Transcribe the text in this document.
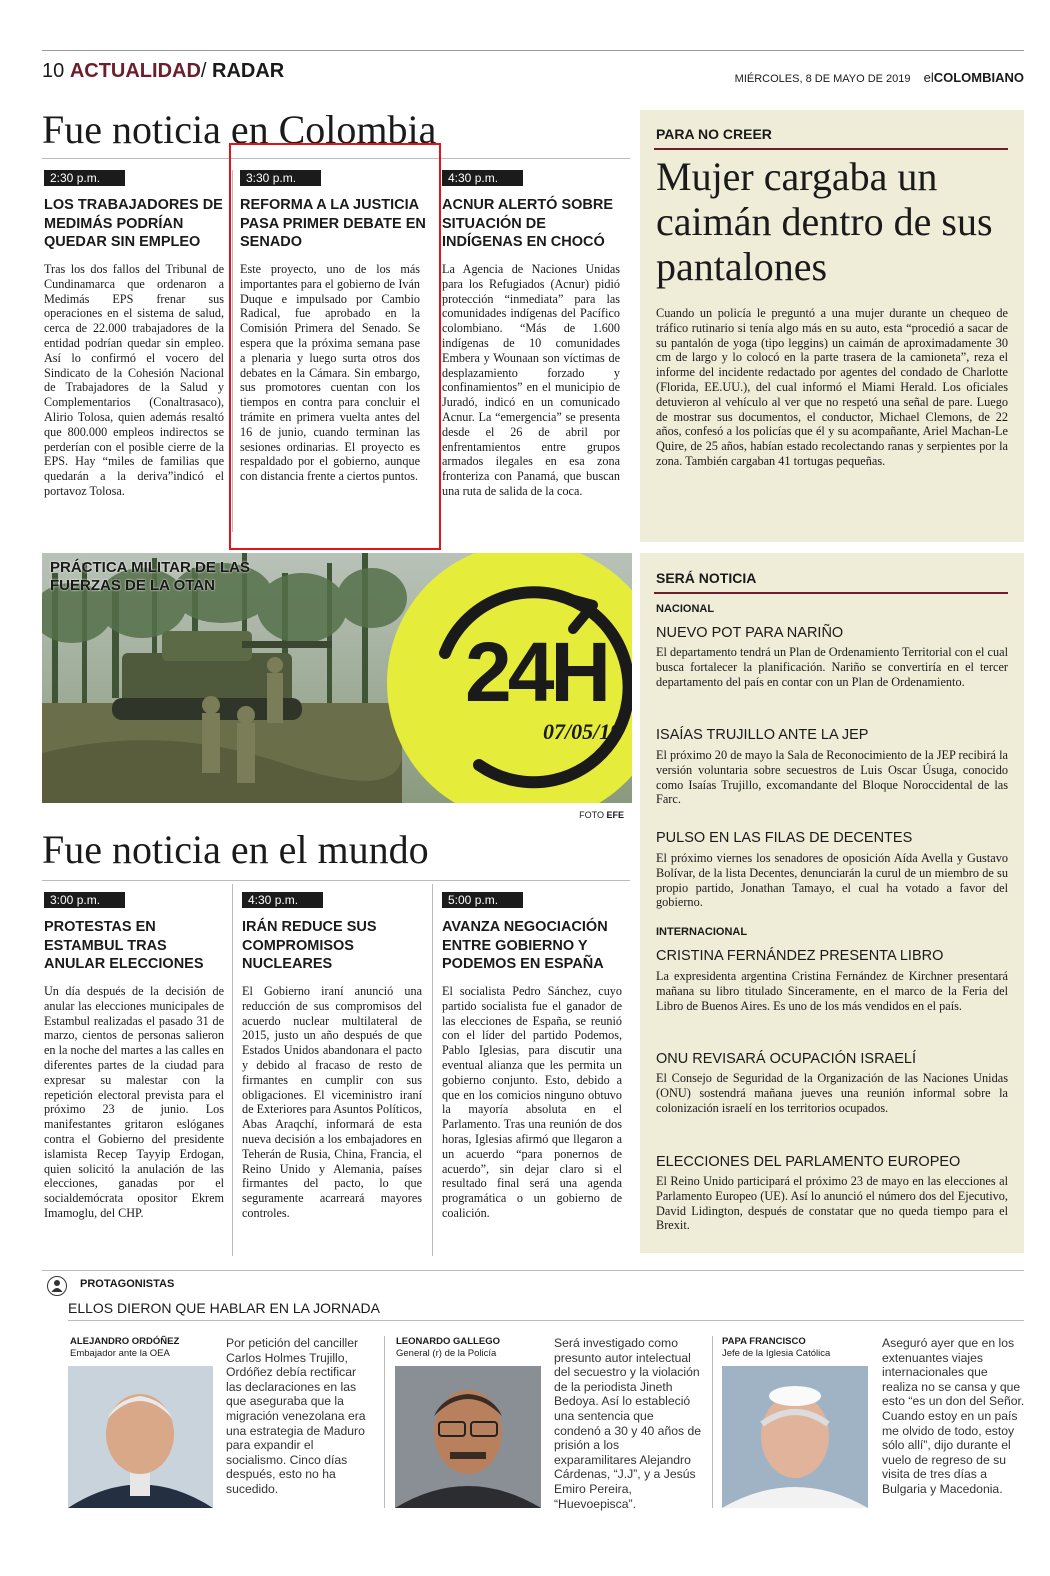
10 ACTUALIDAD/ RADAR	MIÉRCOLES, 8 DE MAYO DE 2019 elCOLOMBIANO
Fue noticia en Colombia
2:30 p.m.
LOS TRABAJADORES DE MEDIMÁS PODRÍAN QUEDAR SIN EMPLEO
Tras los dos fallos del Tribunal de Cundinamarca que ordenaron a Medimás EPS frenar sus operaciones en el sistema de salud, cerca de 22.000 trabajadores de la entidad podrían quedar sin empleo. Así lo confirmó el vocero del Sindicato de la Cohesión Nacional de Trabajadores de la Salud y Complementarios (Conaltrasaco), Alirio Tolosa, quien además resaltó que 800.000 empleos indirectos se perderían con el posible cierre de la EPS. Hay “miles de familias que quedarán a la deriva”indicó el portavoz Tolosa.
3:30 p.m.
REFORMA A LA JUSTICIA PASA PRIMER DEBATE EN SENADO
Este proyecto, uno de los más importantes para el gobierno de Iván Duque e impulsado por Cambio Radical, fue aprobado en la Comisión Primera del Senado. Se espera que la próxima semana pase a plenaria y luego surta otros dos debates en la Cámara. Sin embargo, sus promotores cuentan con los tiempos en contra para concluir el trámite en primera vuelta antes del 16 de junio, cuando terminan las sesiones ordinarias. El proyecto es respaldado por el gobierno, aunque con distancia frente a ciertos puntos.
4:30 p.m.
ACNUR ALERTÓ SOBRE SITUACIÓN DE INDÍGENAS EN CHOCÓ
La Agencia de Naciones Unidas para los Refugiados (Acnur) pidió protección “inmediata” para las comunidades indígenas del Pacífico colombiano. “Más de 1.600 indígenas de 10 comunidades Embera y Wounaan son víctimas de desplazamiento forzado y confinamientos” en el municipio de Juradó, indicó en un comunicado Acnur. La “emergencia” se presenta desde el 26 de abril por enfrentamientos entre grupos armados ilegales en esa zona fronteriza con Panamá, que buscan una ruta de salida de la coca.
PARA NO CREER
Mujer cargaba un caimán dentro de sus pantalones
Cuando un policía le preguntó a una mujer durante un chequeo de tráfico rutinario si tenía algo más en su auto, esta “procedió a sacar de su pantalón de yoga (tipo leggins) un caimán de aproximadamente 30 cm de largo y lo colocó en la parte trasera de la camioneta”, reza el informe del incidente redactado por agentes del condado de Charlotte (Florida, EE.UU.), del cual informó el Miami Herald. Los oficiales detuvieron al vehículo al ver que no respetó una señal de pare. Luego de mostrar sus documentos, el conductor, Michael Clemons, de 22 años, confesó a los policías que él y su acompañante, Ariel Machan-Le Quire, de 25 años, habían estado recolectando ranas y serpientes por la zona. También cargaban 41 tortugas pequeñas.
PRÁCTICA MILITAR DE LAS FUERZAS DE LA OTAN
24H
07/05/19
FOTO EFE
SERÁ NOTICIA
NACIONAL
NUEVO POT PARA NARIÑO
El departamento tendrá un Plan de Ordenamiento Territorial con el cual busca fortalecer la planificación. Nariño se convertiría en el tercer departamento del país en contar con un Plan de Ordenamiento.
ISAÍAS TRUJILLO ANTE LA JEP
El próximo 20 de mayo la Sala de Reconocimiento de la JEP recibirá la versión voluntaria sobre secuestros de Luis Oscar Úsuga, conocido como Isaías Trujillo, excomandante del Bloque Noroccidental de las Farc.
PULSO EN LAS FILAS DE DECENTES
El próximo viernes los senadores de oposición Aída Avella y Gustavo Bolívar, de la lista Decentes, denunciarán la curul de un miembro de su propio partido, Jonathan Tamayo, el cual ha votado a favor del gobierno.
INTERNACIONAL
CRISTINA FERNÁNDEZ PRESENTA LIBRO
La expresidenta argentina Cristina Fernández de Kirchner presentará mañana su libro titulado Sinceramente, en el marco de la Feria del Libro de Buenos Aires. Es uno de los más vendidos en el país.
ONU REVISARÁ OCUPACIÓN ISRAELÍ
El Consejo de Seguridad de la Organización de las Naciones Unidas (ONU) sostendrá mañana jueves una reunión informal sobre la colonización israelí en los territorios ocupados.
ELECCIONES DEL PARLAMENTO EUROPEO
El Reino Unido participará el próximo 23 de mayo en las elecciones al Parlamento Europeo (UE). Así lo anunció el número dos del Ejecutivo, David Lidington, después de constatar que no queda tiempo para el Brexit.
Fue noticia en el mundo
3:00 p.m.
PROTESTAS EN ESTAMBUL TRAS ANULAR ELECCIONES
Un día después de la decisión de anular las elecciones municipales de Estambul realizadas el pasado 31 de marzo, cientos de personas salieron en la noche del martes a las calles en diferentes partes de la ciudad para expresar su malestar con la repetición electoral prevista para el próximo 23 de junio. Los manifestantes gritaron eslóganes contra el Gobierno del presidente islamista Recep Tayyip Erdogan, quien solicitó la anulación de las elecciones, ganadas por el socialdemócrata opositor Ekrem Imamoglu, del CHP.
4:30 p.m.
IRÁN REDUCE SUS COMPROMISOS NUCLEARES
El Gobierno iraní anunció una reducción de sus compromisos del acuerdo nuclear multilateral de 2015, justo un año después de que Estados Unidos abandonara el pacto y debido al fracaso de resto de firmantes en cumplir con sus obligaciones. El viceministro iraní de Exteriores para Asuntos Políticos, Abas Araqchí, informará de esta nueva decisión a los embajadores en Teherán de Rusia, China, Francia, el Reino Unido y Alemania, países firmantes del pacto, lo que seguramente acarreará mayores controles.
5:00 p.m.
AVANZA NEGOCIACIÓN ENTRE GOBIERNO Y PODEMOS EN ESPAÑA
El socialista Pedro Sánchez, cuyo partido socialista fue el ganador de las elecciones de España, se reunió con el líder del partido Podemos, Pablo Iglesias, para discutir una eventual alianza que les permita un gobierno conjunto. Esto, debido a que en los comicios ninguno obtuvo la mayoría absoluta en el Parlamento. Tras una reunión de dos horas, Iglesias afirmó que llegaron a un acuerdo “para ponernos de acuerdo”, sin dejar claro si el resultado final será una agenda programática o un gobierno de coalición.
PROTAGONISTAS
ELLOS DIERON QUE HABLAR EN LA JORNADA
ALEJANDRO ORDÓÑEZ
Embajador ante la OEA
Por petición del canciller Carlos Holmes Trujillo, Ordóñez debía rectificar las declaraciones en las que aseguraba que la migración venezolana era una estrategia de Maduro para expandir el socialismo. Cinco días después, esto no ha sucedido.
LEONARDO GALLEGO
General (r) de la Policía
Será investigado como presunto autor intelectual del secuestro y la violación de la periodista Jineth Bedoya. Así lo estableció una sentencia que condenó a 30 y 40 años de prisión a los exparamilitares Alejandro Cárdenas, “J.J”, y a Jesús Emiro Pereira, “Huevoepisca”.
PAPA FRANCISCO
Jefe de la Iglesia Católica
Aseguró ayer que en los extenuantes viajes internacionales que realiza no se cansa y que esto “es un don del Señor. Cuando estoy en un país me olvido de todo, estoy sólo allí”, dijo durante el vuelo de regreso de su visita de tres días a Bulgaria y Macedonia.
